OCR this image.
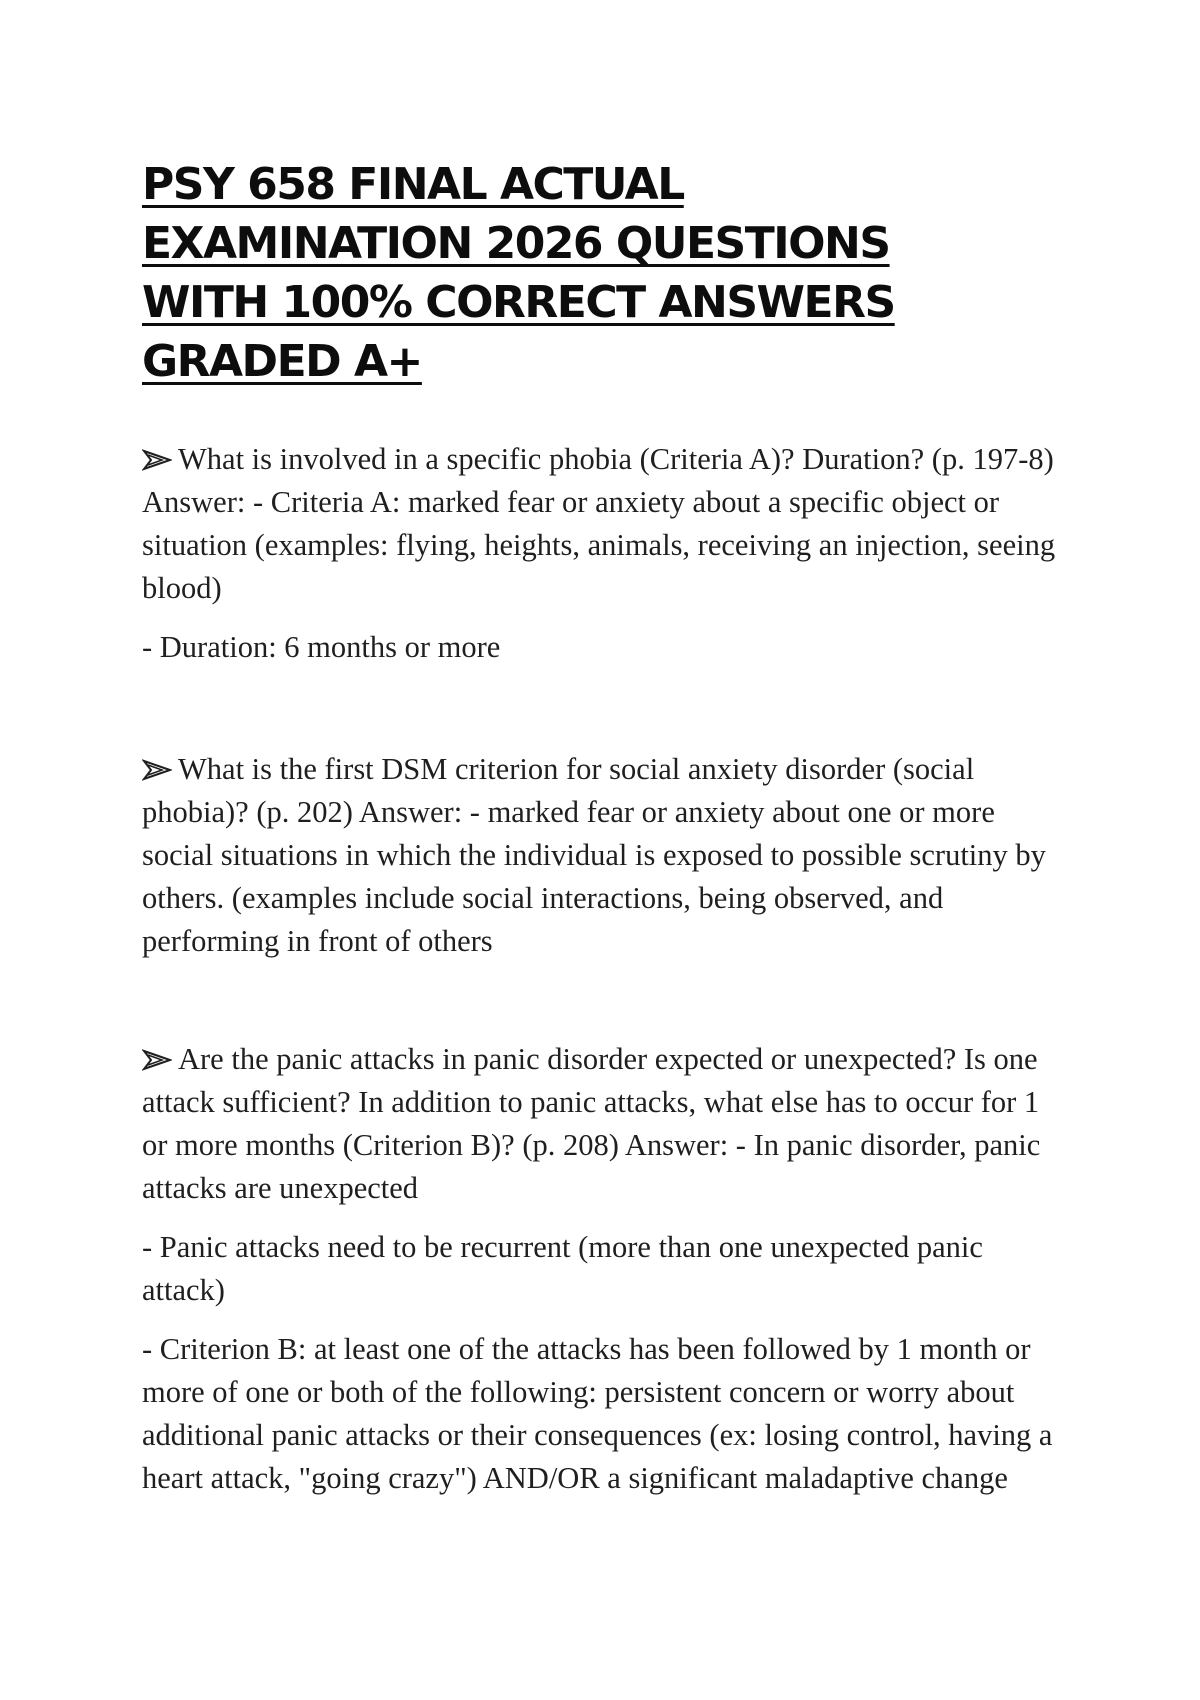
PSY 658 FINAL ACTUAL EXAMINATION 2026 QUESTIONS WITH 100% CORRECT ANSWERS GRADED A+

What is involved in a specific phobia (Criteria A)? Duration? (p. 197-8) Answer: - Criteria A: marked fear or anxiety about a specific object or situation (examples: flying, heights, animals, receiving an injection, seeing blood)

- Duration: 6 months or more

What is the first DSM criterion for social anxiety disorder (social phobia)? (p. 202) Answer: - marked fear or anxiety about one or more social situations in which the individual is exposed to possible scrutiny by others. (examples include social interactions, being observed, and performing in front of others

Are the panic attacks in panic disorder expected or unexpected? Is one attack sufficient? In addition to panic attacks, what else has to occur for 1 or more months (Criterion B)? (p. 208) Answer: - In panic disorder, panic attacks are unexpected

- Panic attacks need to be recurrent (more than one unexpected panic attack)

- Criterion B: at least one of the attacks has been followed by 1 month or more of one or both of the following: persistent concern or worry about additional panic attacks or their consequences (ex: losing control, having a heart attack, "going crazy") AND/OR a significant maladaptive change
